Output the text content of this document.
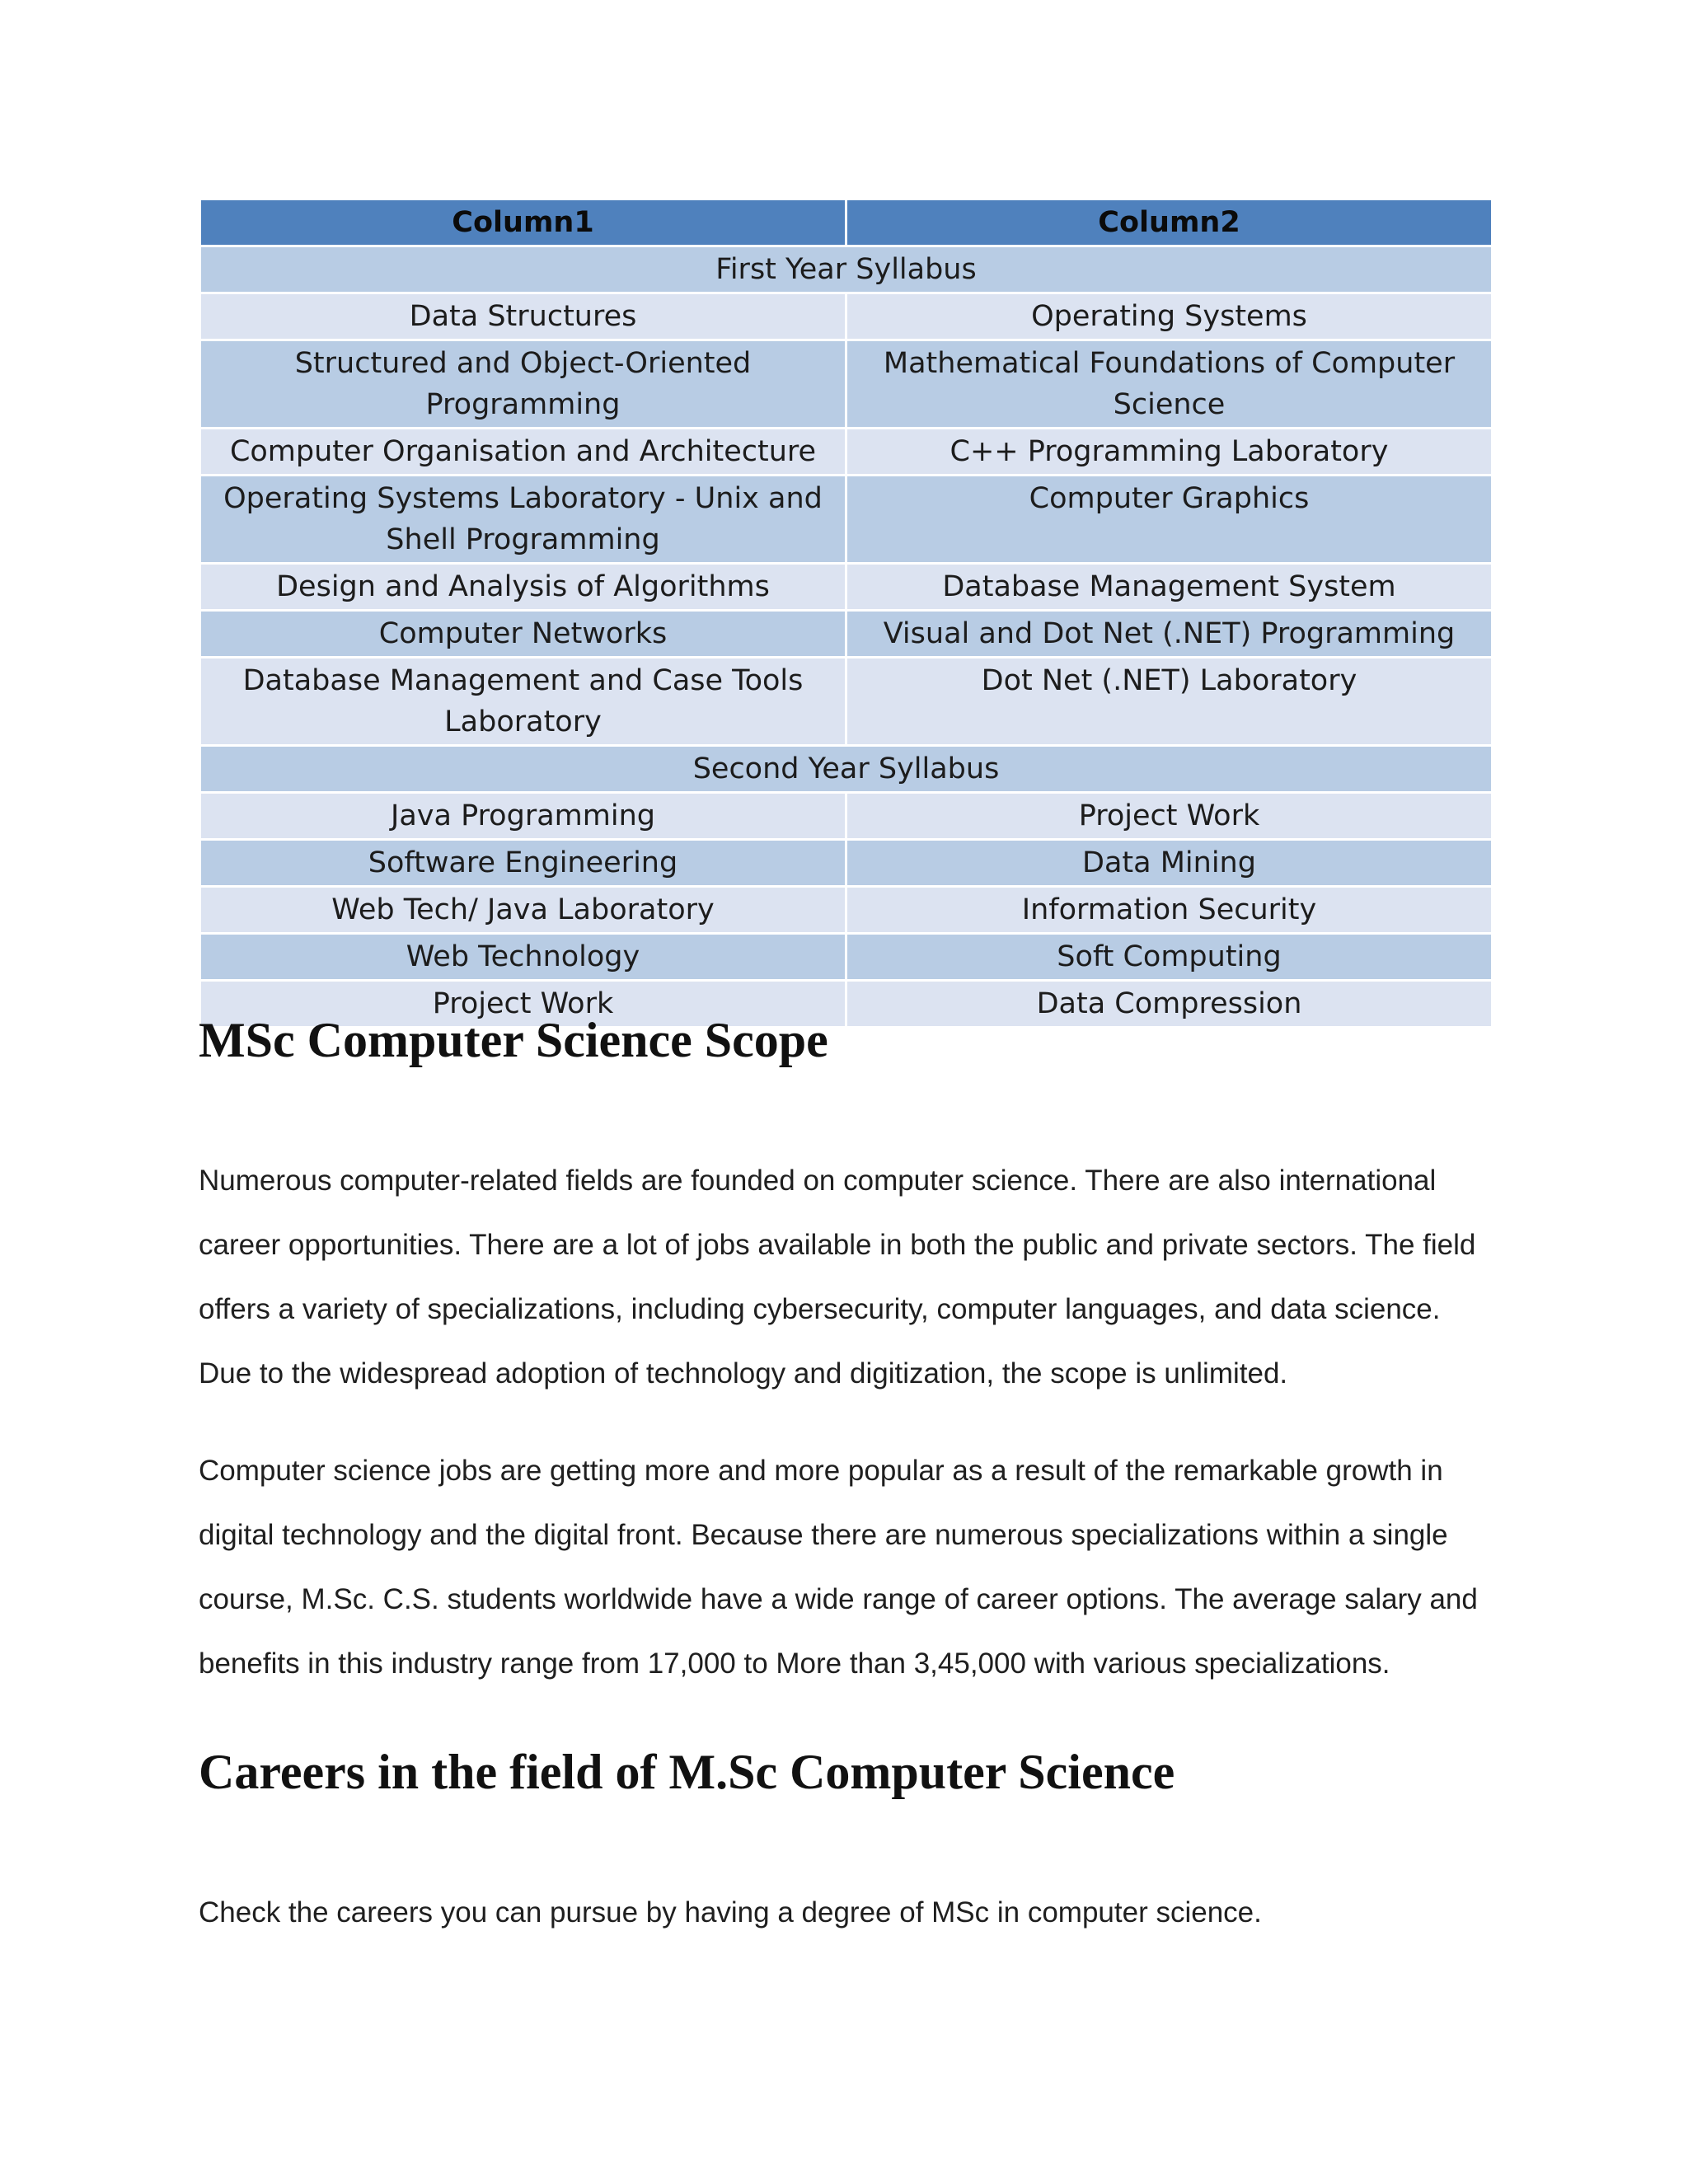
Column1	Column2
First Year Syllabus	
Data Structures	Operating Systems
Structured and Object-Oriented Programming	Mathematical Foundations of Computer Science
Computer Organisation and Architecture	C++ Programming Laboratory
Operating Systems Laboratory - Unix and Shell Programming	Computer Graphics
Design and Analysis of Algorithms	Database Management System
Computer Networks	Visual and Dot Net (.NET) Programming
Database Management and Case Tools Laboratory	Dot Net (.NET) Laboratory
Second Year Syllabus	
Java Programming	Project Work
Software Engineering	Data Mining
Web Tech/ Java Laboratory	Information Security
Web Technology	Soft Computing
Project Work	Data Compression
MSc Computer Science Scope

Numerous computer-related fields are founded on computer science. There are also international career opportunities. There are a lot of jobs available in both the public and private sectors. The field offers a variety of specializations, including cybersecurity, computer languages, and data science. Due to the widespread adoption of technology and digitization, the scope is unlimited.

Computer science jobs are getting more and more popular as a result of the remarkable growth in digital technology and the digital front. Because there are numerous specializations within a single course, M.Sc. C.S. students worldwide have a wide range of career options. The average salary and benefits in this industry range from 17,000 to More than 3,45,000 with various specializations.

Careers in the field of M.Sc Computer Science

Check the careers you can pursue by having a degree of MSc in computer science.
